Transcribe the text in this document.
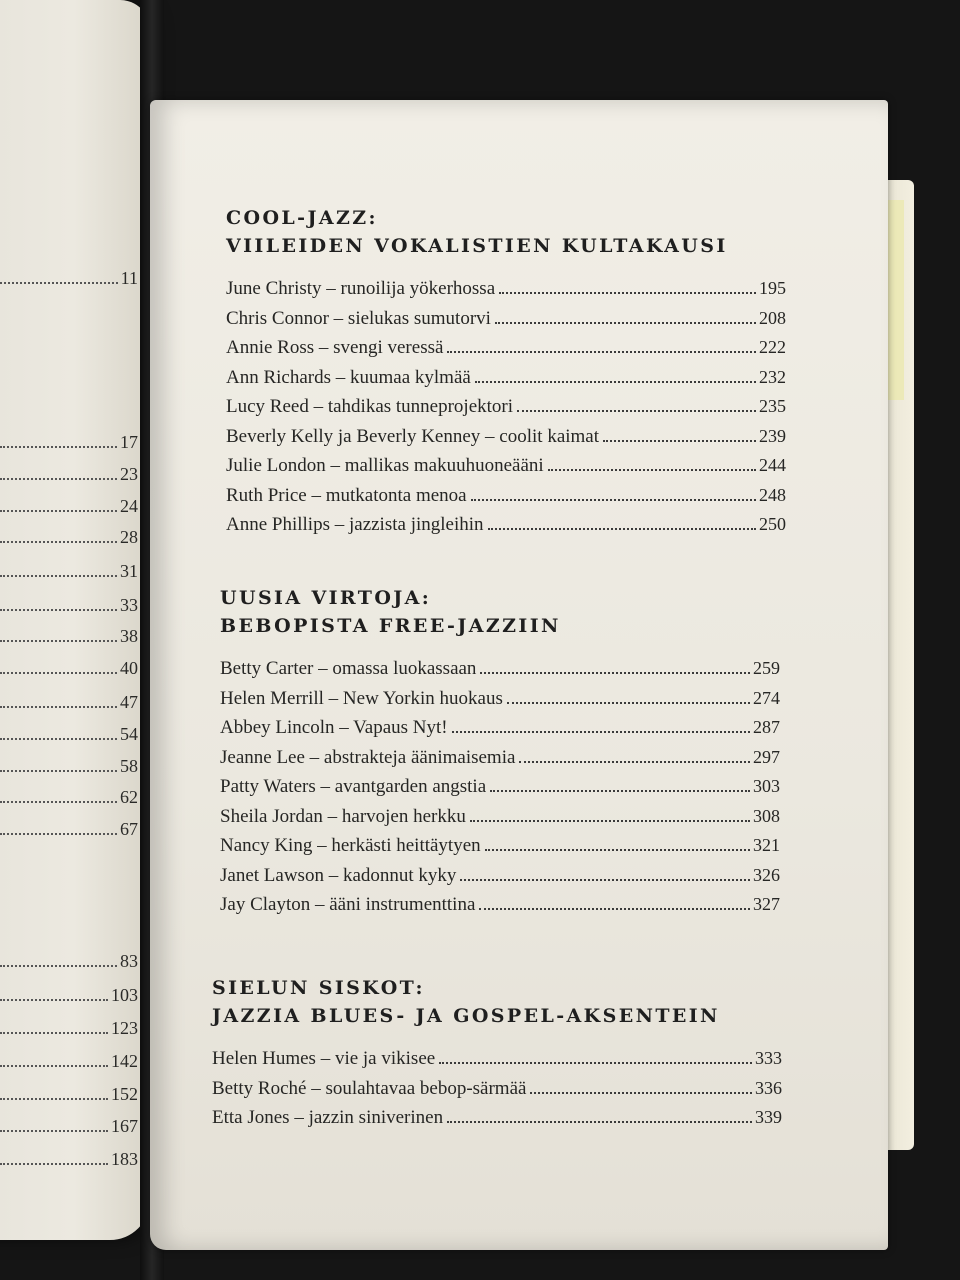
11
17
23
24
28
31
33
38
40
47
54
58
62
67
83
103
123
142
152
167
183
COOL-JAZZ:
VIILEIDEN VOKALISTIEN KULTAKAUSI
June Christy – runoilija yökerhossa	195
Chris Connor – sielukas sumutorvi	208
Annie Ross – svengi veressä	222
Ann Richards – kuumaa kylmää	232
Lucy Reed – tahdikas tunneprojektori	235
Beverly Kelly ja Beverly Kenney – coolit kaimat	239
Julie London – mallikas makuuhuoneääni	244
Ruth Price – mutkatonta menoa	248
Anne Phillips – jazzista jingleihin	250
UUSIA VIRTOJA:
BEBOPISTA FREE-JAZZIIN
Betty Carter – omassa luokassaan	259
Helen Merrill – New Yorkin huokaus	274
Abbey Lincoln – Vapaus Nyt!	287
Jeanne Lee – abstrakteja äänimaisemia	297
Patty Waters – avantgarden angstia	303
Sheila Jordan – harvojen herkku	308
Nancy King – herkästi heittäytyen	321
Janet Lawson – kadonnut kyky	326
Jay Clayton – ääni instrumenttina	327
SIELUN SISKOT:
JAZZIA BLUES- JA GOSPEL-AKSENTEIN
Helen Humes – vie ja vikisee	333
Betty Roché – soulahtavaa bebop-särmää	336
Etta Jones – jazzin siniverinen	339
